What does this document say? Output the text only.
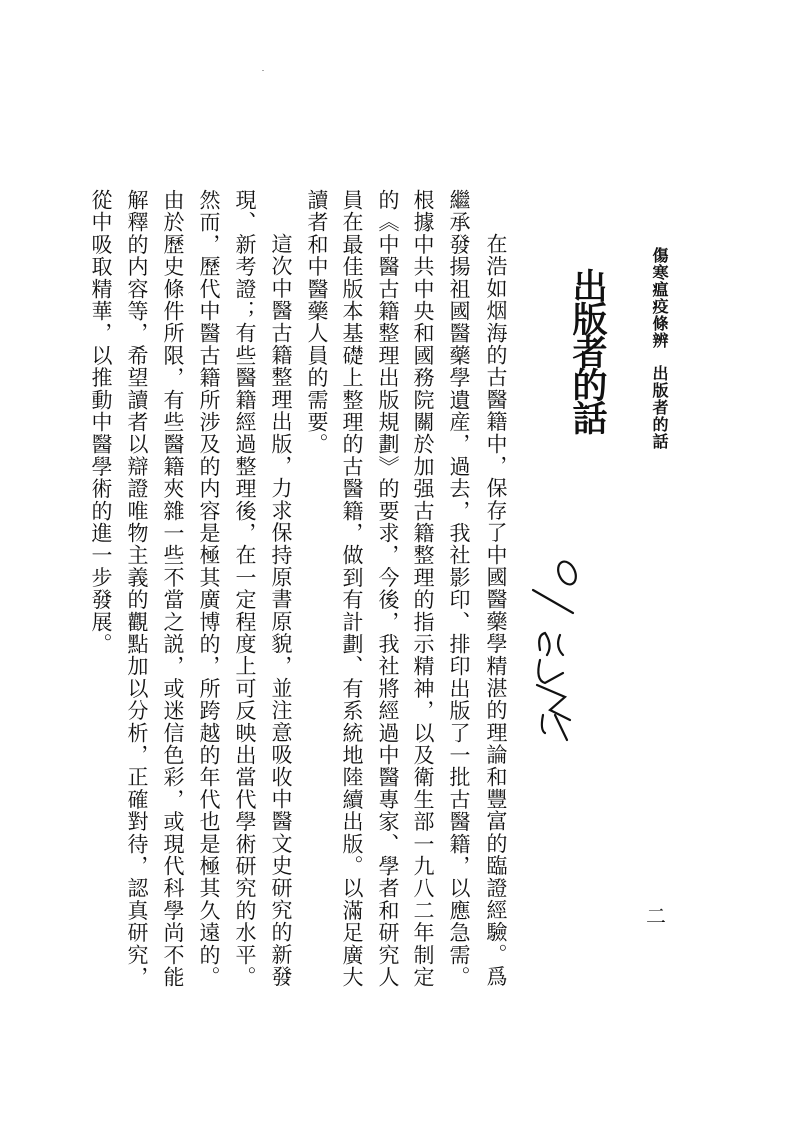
傷寒瘟疫條辨出版者的話
出版者的話
在浩如烟海的古醫籍中，保存了中國醫藥學精湛的理論和豐富的臨證經驗。爲
繼承發揚祖國醫藥學遺産，過去，我社影印、排印出版了一批古醫籍，以應急需。
根據中共中央和國務院關於加强古籍整理的指示精神，以及衛生部一九八二年制定
的《中醫古籍整理出版規劃》的要求，今後，我社將經過中醫專家、學者和研究人
員在最佳版本基礎上整理的古醫籍，做到有計劃、有系統地陸續出版。以滿足廣大
讀者和中醫藥人員的需要。
這次中醫古籍整理出版，力求保持原書原貌，並注意吸收中醫文史研究的新發
現、新考證；有些醫籍經過整理後，在一定程度上可反映出當代學術研究的水平。
然而，歷代中醫古籍所涉及的内容是極其廣博的，所跨越的年代也是極其久遠的。
由於歷史條件所限，有些醫籍夾雜一些不當之説，或迷信色彩，或現代科學尚不能
解釋的内容等，希望讀者以辯證唯物主義的觀點加以分析，正確對待，認真研究，
從中吸取精華，以推動中醫學術的進一步發展。
二
